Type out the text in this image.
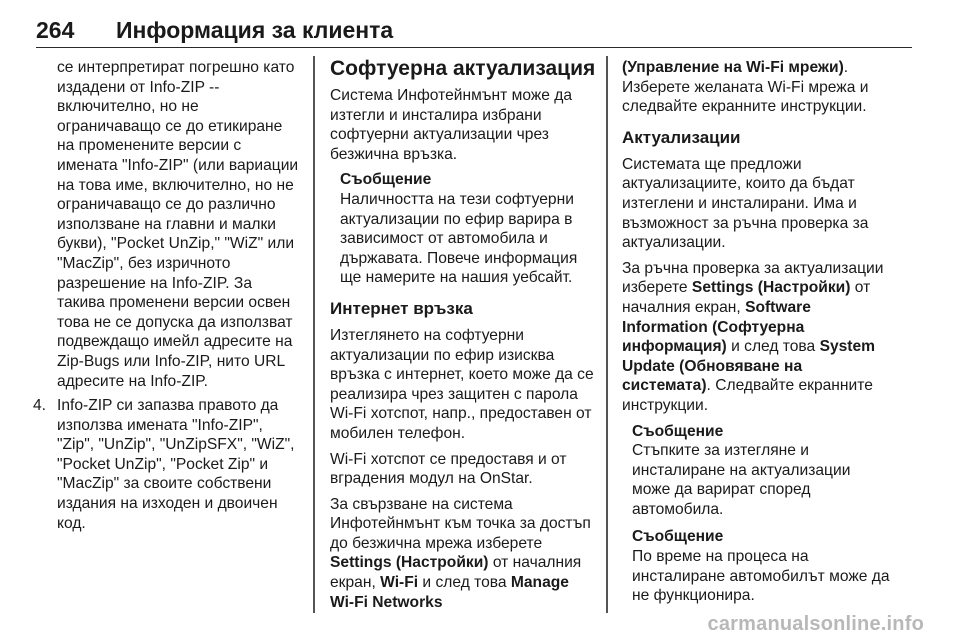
264 Информация за клиента

се интерпретират погрешно като издадени от Info-ZIP -- включително, но не ограничаващо се до етикиране на променените версии с имената "Info-ZIP" (или вариации на това име, включително, но не ограничаващо се до различно използване на главни и малки букви), "Pocket UnZip," "WiZ" или "MacZip", без изричното разрешение на Info-ZIP. За такива променени версии освен това не се допуска да използват подвеждащо имейл адресите на Zip-Bugs или Info-ZIP, нито URL адресите на Info-ZIP.

4. Info-ZIP си запазва правото да използва имената "Info-ZIP", "Zip", "UnZip", "UnZipSFX", "WiZ", "Pocket UnZip", "Pocket Zip" и "MacZip" за своите собствени издания на изходен и двоичен код.
Софтуерна актуализация

Система Инфотейнмънт може да изтегли и инсталира избрани софтуерни актуализации чрез безжична връзка.

Съобщение
Наличността на тези софтуерни актуализации по ефир варира в зависимост от автомобила и държавата. Повече информация ще намерите на нашия уебсайт.
Интернет връзка

Изтеглянето на софтуерни актуализации по ефир изисква връзка с интернет, което може да се реализира чрез защитен с парола Wi-Fi хотспот, напр., предоставен от мобилен телефон.

Wi-Fi хотспот се предоставя и от вградения модул на OnStar.

За свързване на система Инфотейнмънт към точка за достъп до безжична мрежа изберете Settings (Настройки) от началния екран, Wi-Fi и след това Manage Wi-Fi Networks

(Управление на Wi-Fi мрежи). Изберете желаната Wi-Fi мрежа и следвайте екранните инструкции.

Актуализации

Системата ще предложи актуализациите, които да бъдат изтеглени и инсталирани. Има и възможност за ръчна проверка за актуализации.

За ръчна проверка за актуализации изберете Settings (Настройки) от началния екран, Software Information (Софтуерна информация) и след това System Update (Обновяване на системата). Следвайте екранните инструкции.

Съобщение
Стъпките за изтегляне и инсталиране на актуализации може да варират според автомобила.
Съобщение
По време на процеса на инсталиране автомобилът може да не функционира.
carmanualsonline.info
